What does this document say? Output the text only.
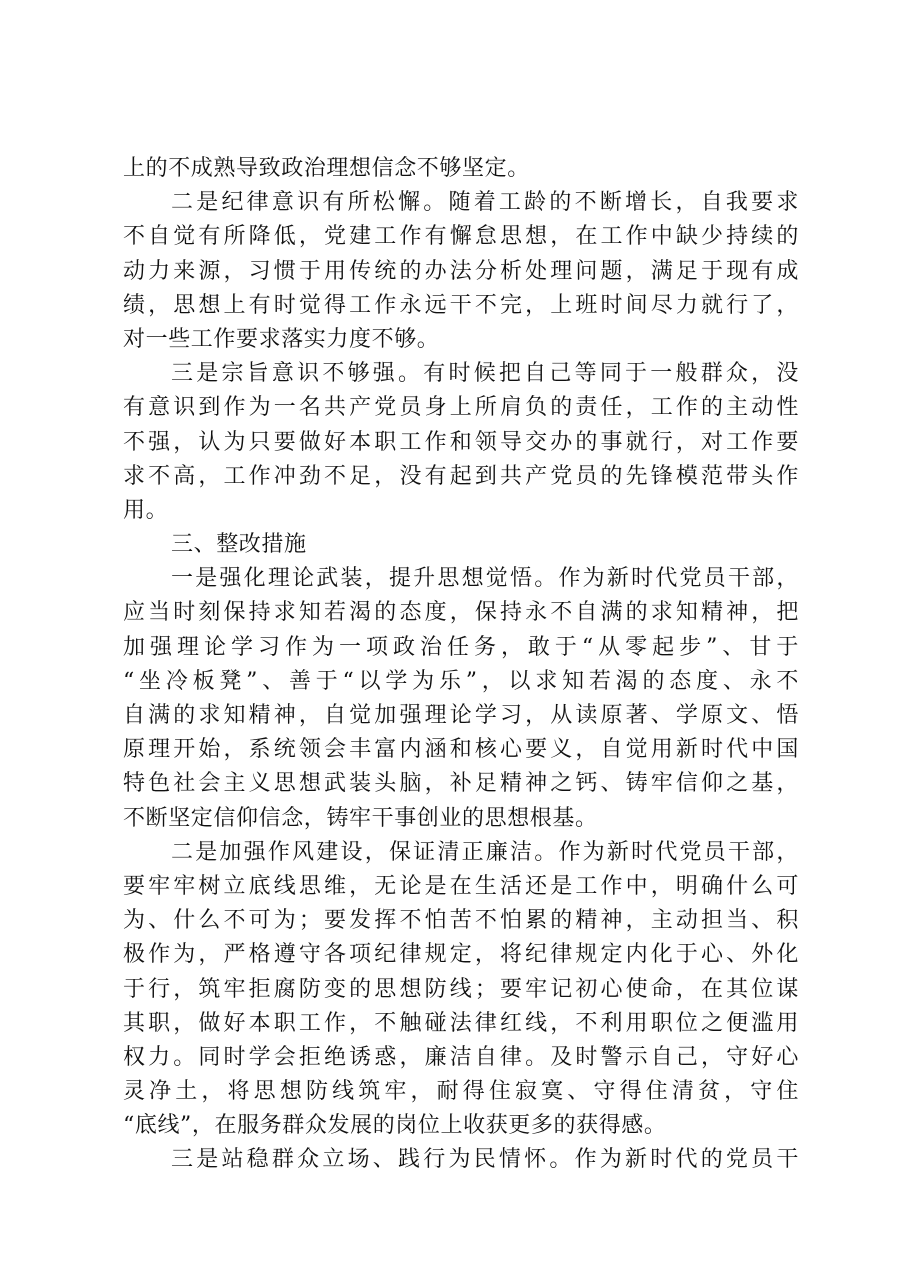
上的不成熟导致政治理想信念不够坚定。
二是纪律意识有所松懈。随着工龄的不断增长，自我要求
不自觉有所降低，党建工作有懈怠思想，在工作中缺少持续的
动力来源，习惯于用传统的办法分析处理问题，满足于现有成
绩，思想上有时觉得工作永远干不完，上班时间尽力就行了，
对一些工作要求落实力度不够。
三是宗旨意识不够强。有时候把自己等同于一般群众，没
有意识到作为一名共产党员身上所肩负的责任，工作的主动性
不强，认为只要做好本职工作和领导交办的事就行，对工作要
求不高，工作冲劲不足，没有起到共产党员的先锋模范带头作
用。
三、整改措施
一是强化理论武装，提升思想觉悟。作为新时代党员干部，
应当时刻保持求知若渴的态度，保持永不自满的求知精神，把
加强理论学习作为一项政治任务，敢于“从零起步”、甘于
“坐冷板凳”、善于“以学为乐”，以求知若渴的态度、永不
自满的求知精神，自觉加强理论学习，从读原著、学原文、悟
原理开始，系统领会丰富内涵和核心要义，自觉用新时代中国
特色社会主义思想武装头脑，补足精神之钙、铸牢信仰之基，
不断坚定信仰信念，铸牢干事创业的思想根基。
二是加强作风建设，保证清正廉洁。作为新时代党员干部，
要牢牢树立底线思维，无论是在生活还是工作中，明确什么可
为、什么不可为；要发挥不怕苦不怕累的精神，主动担当、积
极作为，严格遵守各项纪律规定，将纪律规定内化于心、外化
于行，筑牢拒腐防变的思想防线；要牢记初心使命，在其位谋
其职，做好本职工作，不触碰法律红线，不利用职位之便滥用
权力。同时学会拒绝诱惑，廉洁自律。及时警示自己，守好心
灵净土，将思想防线筑牢，耐得住寂寞、守得住清贫，守住
“底线”，在服务群众发展的岗位上收获更多的获得感。
三是站稳群众立场、践行为民情怀。作为新时代的党员干
